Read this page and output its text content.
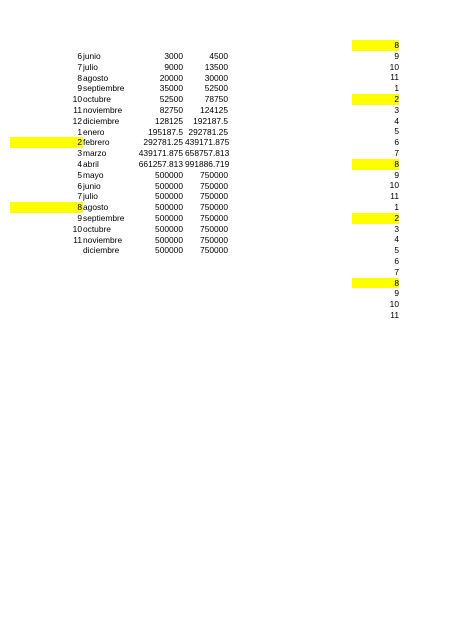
6 junio	3000	4500
7 julio	9000	13500
8 agosto	20000	30000
9 septiembre	35000	52500
10 octubre	52500	78750
11 noviembre	82750	124125
12 diciembre	128125	192187.5
1 enero	195187.5 292781.25
2 febrero	292781.25 439171.875
3 marzo	439171.875 658757.813
4 abril	661257.813 991886.719
5 mayo	500000	750000
6 junio	500000	750000
7 julio	500000	750000
8 agosto	500000	750000
9 septiembre	500000	750000
10 octubre	500000	750000
11 noviembre	500000	750000
diciembre	500000	750000
8
9
10
11
1
2
3
4
5
6
7
8
9
10
11
1
2
3
4
5
6
7
8
9
10
11
